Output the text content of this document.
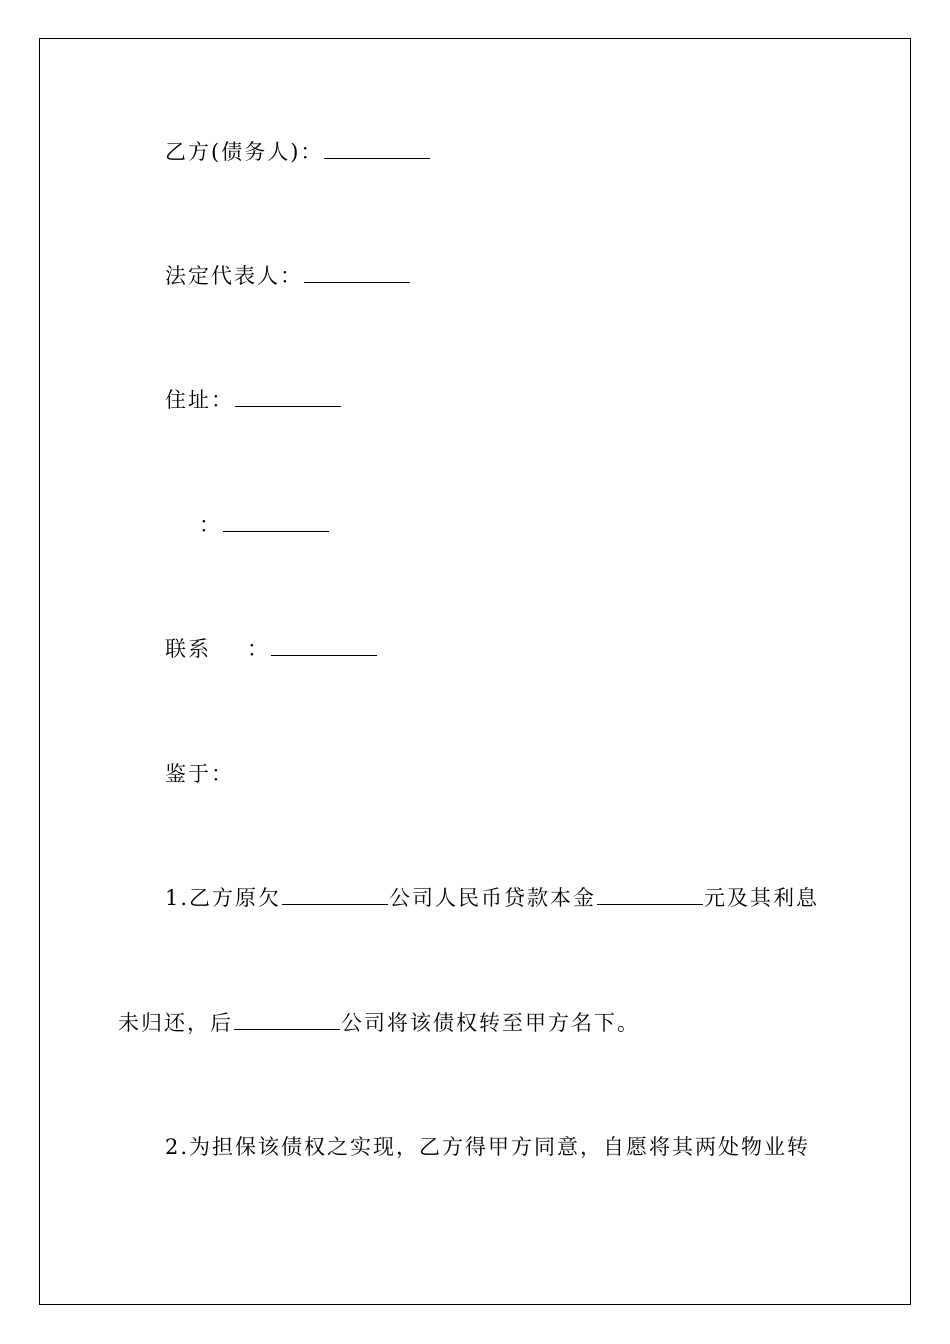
乙方(债务人)：
法定代表人：
住址：
：
联系 ：
鉴于：
1.乙方原欠	公司人民币贷款本金	元及其利息
未归还，后	公司将该债权转至甲方名下。
2.为担保该债权之实现，乙方得甲方同意，自愿将其两处物业转
